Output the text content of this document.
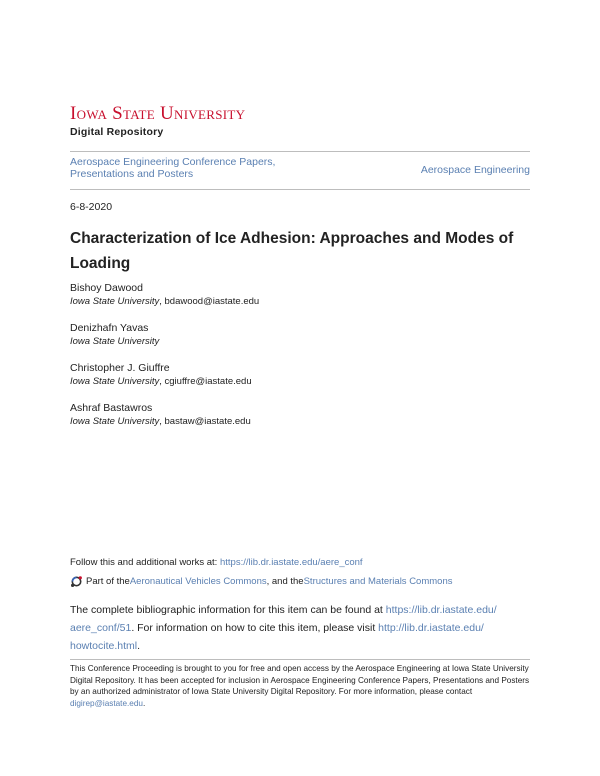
Iowa State University
Digital Repository
Aerospace Engineering Conference Papers,
Presentations and Posters	Aerospace Engineering
6-8-2020
Characterization of Ice Adhesion: Approaches and Modes of
Loading
Bishoy Dawood
Iowa State University, bdawood@iastate.edu
Denizhafn Yavas
Iowa State University
Christopher J. Giuffre
Iowa State University, cgiuffre@iastate.edu
Ashraf Bastawros
Iowa State University, bastaw@iastate.edu
Follow this and additional works at: https://lib.dr.iastate.edu/aere_conf
Part of the Aeronautical Vehicles Commons , and the Structures and Materials Commons
The complete bibliographic information for this item can be found at https://lib.dr.iastate.edu/
aere_conf/51. For information on how to cite this item, please visit http://lib.dr.iastate.edu/
howtocite.html.
This Conference Proceeding is brought to you for free and open access by the Aerospace Engineering at Iowa State University Digital Repository. It has been accepted for inclusion in Aerospace Engineering Conference Papers, Presentations and Posters by an authorized administrator of Iowa State University Digital Repository. For more information, please contact digirep@iastate.edu.
